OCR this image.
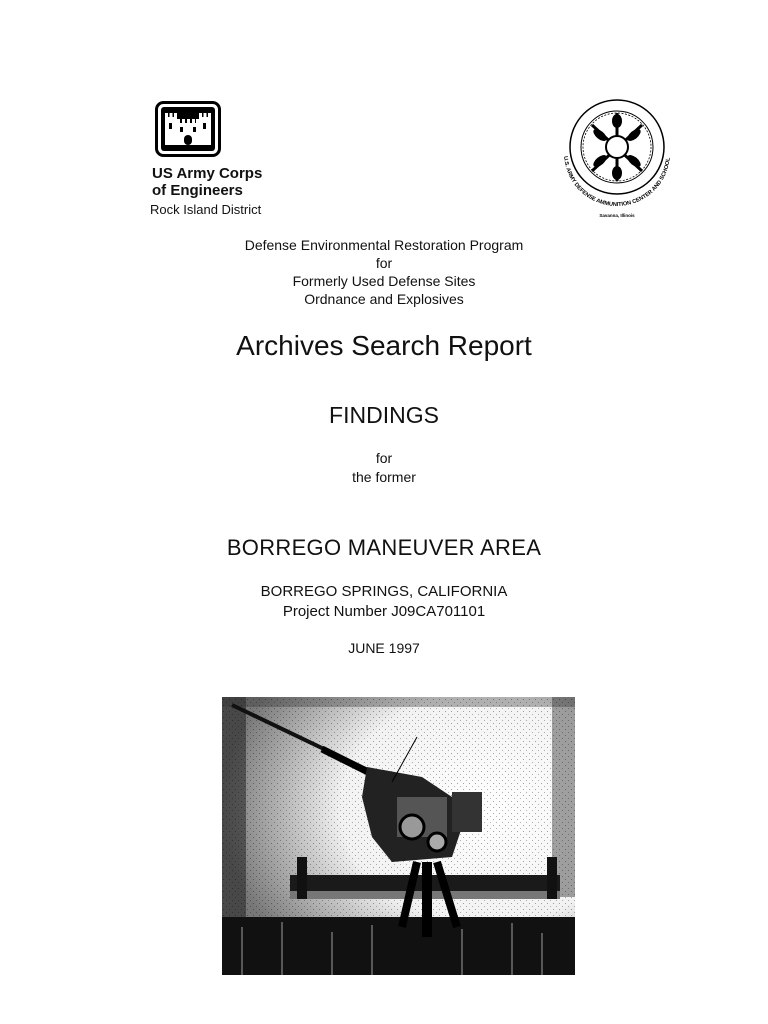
US Army Corps
of Engineers
Rock Island District
U.S. ARMY DEFENSE AMMUNITION CENTER AND SCHOOL
Savanna, Illinois
Defense Environmental Restoration Program
for
Formerly Used Defense Sites
Ordnance and Explosives
Archives Search Report
FINDINGS
for
the former
BORREGO MANEUVER AREA
BORREGO SPRINGS, CALIFORNIA
Project Number J09CA701101
JUNE 1997
